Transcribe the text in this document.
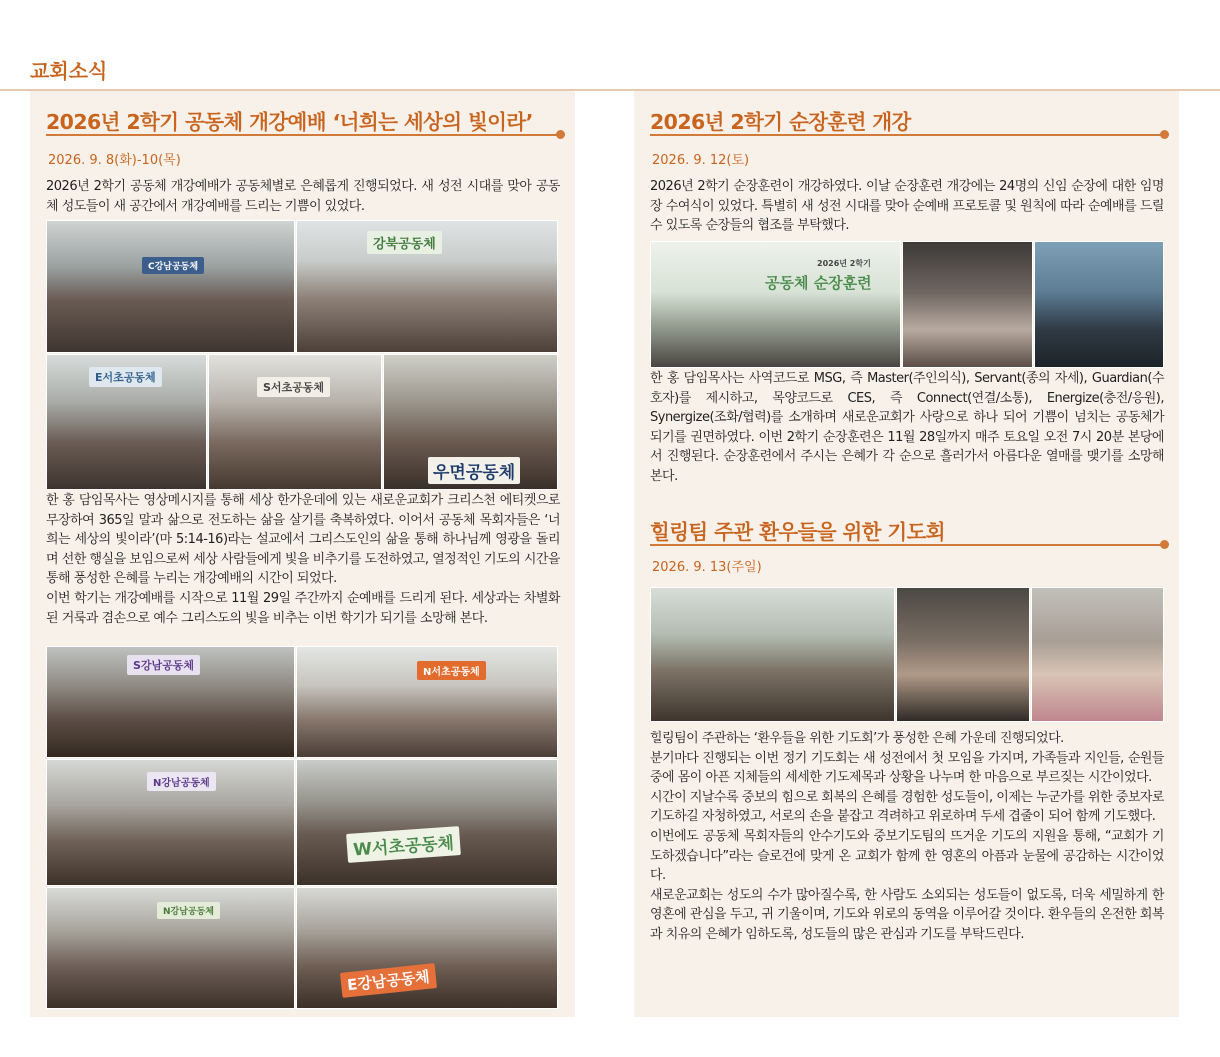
교회소식
2026년 2학기 공동체 개강예배 ‘너희는 세상의 빛이라’
2026. 9. 8(화)-10(목)

2026년 2학기 공동체 개강예배가 공동체별로 은혜롭게 진행되었다. 새 성전 시대를 맞아 공동체 성도들이 새 공간에서 개강예배를 드리는 기쁨이 있었다.

C강남공동체
강북공동체
E서초공동체
S서초공동체
우면공동체

한 홍 담임목사는 영상메시지를 통해 세상 한가운데에 있는 새로운교회가 크리스천 에티켓으로 무장하여 365일 말과 삶으로 전도하는 삶을 살기를 축복하였다. 이어서 공동체 목회자들은 ‘너희는 세상의 빛이라’(마 5:14-16)라는 설교에서 그리스도인의 삶을 통해 하나님께 영광을 돌리며 선한 행실을 보임으로써 세상 사람들에게 빛을 비추기를 도전하였고, 열정적인 기도의 시간을 통해 풍성한 은혜를 누리는 개강예배의 시간이 되었다.

이번 학기는 개강예배를 시작으로 11월 29일 주간까지 순예배를 드리게 된다. 세상과는 차별화된 거룩과 겸손으로 예수 그리스도의 빛을 비추는 이번 학기가 되기를 소망해 본다.

S강남공동체
N서초공동체
N강남공동체
W서초공동체
N강남공동체
E강남공동체
2026년 2학기 순장훈련 개강
2026. 9. 12(토)

2026년 2학기 순장훈련이 개강하였다. 이날 순장훈련 개강에는 24명의 신임 순장에 대한 임명장 수여식이 있었다. 특별히 새 성전 시대를 맞아 순예배 프로토콜 및 원칙에 따라 순예배를 드릴 수 있도록 순장들의 협조를 부탁했다.

2026년 2학기
공동체 순장훈련

한 홍 담임목사는 사역코드로 MSG, 즉 Master(주인의식), Servant(종의 자세), Guardian(수호자)를 제시하고, 목양코드로 CES, 즉 Connect(연결/소통), Energize(충전/응원), Synergize(조화/협력)를 소개하며 새로운교회가 사랑으로 하나 되어 기쁨이 넘치는 공동체가 되기를 권면하였다. 이번 2학기 순장훈련은 11월 28일까지 매주 토요일 오전 7시 20분 본당에서 진행된다. 순장훈련에서 주시는 은혜가 각 순으로 흘러가서 아름다운 열매를 맺기를 소망해 본다.

힐링팀 주관 환우들을 위한 기도회
2026. 9. 13(주일)

힐링팀이 주관하는 ‘환우들을 위한 기도회’가 풍성한 은혜 가운데 진행되었다.

분기마다 진행되는 이번 정기 기도회는 새 성전에서 첫 모임을 가지며, 가족들과 지인들, 순원들 중에 몸이 아픈 지체들의 세세한 기도제목과 상황을 나누며 한 마음으로 부르짖는 시간이었다.

시간이 지날수록 중보의 힘으로 회복의 은혜를 경험한 성도들이, 이제는 누군가를 위한 중보자로 기도하길 자청하였고, 서로의 손을 붙잡고 격려하고 위로하며 두세 겹줄이 되어 함께 기도했다.

이번에도 공동체 목회자들의 안수기도와 중보기도팀의 뜨거운 기도의 지원을 통해, “교회가 기도하겠습니다”라는 슬로건에 맞게 온 교회가 함께 한 영혼의 아픔과 눈물에 공감하는 시간이었다.

새로운교회는 성도의 수가 많아질수록, 한 사람도 소외되는 성도들이 없도록, 더욱 세밀하게 한 영혼에 관심을 두고, 귀 기울이며, 기도와 위로의 동역을 이루어갈 것이다. 환우들의 온전한 회복과 치유의 은혜가 임하도록, 성도들의 많은 관심과 기도를 부탁드린다.
